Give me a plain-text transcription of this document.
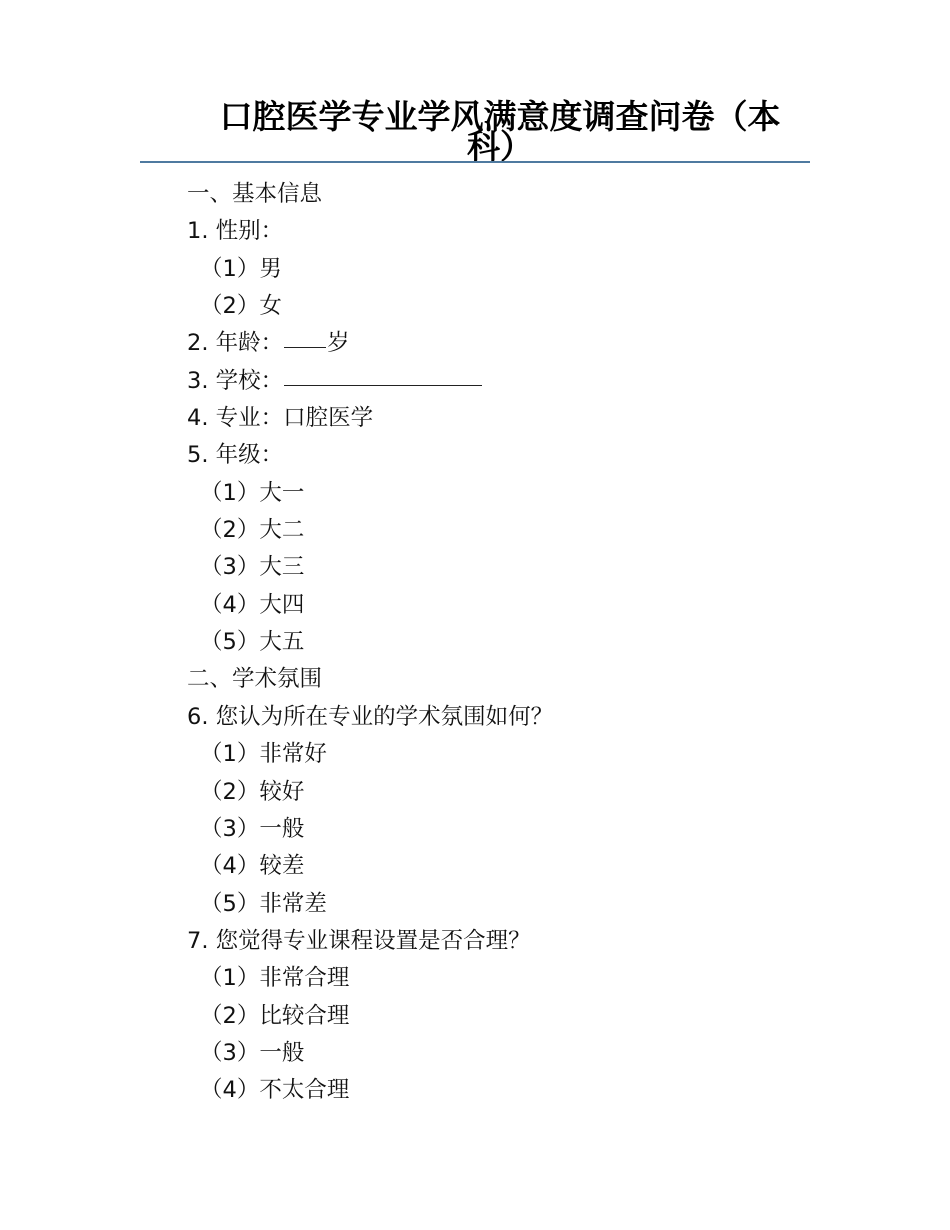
口腔医学专业学风满意度调查问卷（本科）
一、基本信息
1. 性别：
（1）男
（2）女
2. 年龄： 岁
3. 学校：
4. 专业：口腔医学
5. 年级：
（1）大一
（2）大二
（3）大三
（4）大四
（5）大五
二、学术氛围
6. 您认为所在专业的学术氛围如何？
（1）非常好
（2）较好
（3）一般
（4）较差
（5）非常差
7. 您觉得专业课程设置是否合理？
（1）非常合理
（2）比较合理
（3）一般
（4）不太合理
